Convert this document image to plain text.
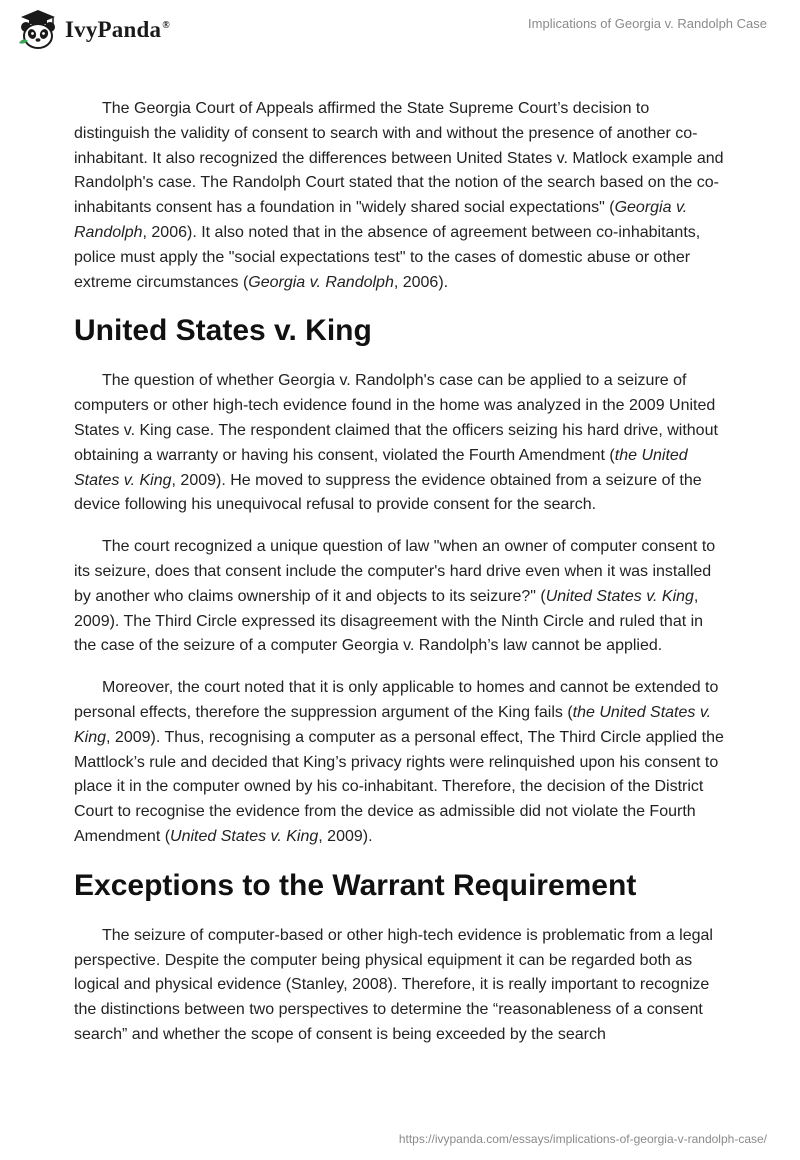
IvyPanda®	Implications of Georgia v. Randolph Case

The Georgia Court of Appeals affirmed the State Supreme Court’s decision to distinguish the validity of consent to search with and without the presence of another co-inhabitant. It also recognized the differences between United States v. Matlock example and Randolph's case. The Randolph Court stated that the notion of the search based on the co-inhabitants consent has a foundation in "widely shared social expectations" (Georgia v. Randolph, 2006). It also noted that in the absence of agreement between co-inhabitants, police must apply the "social expectations test" to the cases of domestic abuse or other extreme circumstances (Georgia v. Randolph, 2006).

United States v. King

The question of whether Georgia v. Randolph's case can be applied to a seizure of computers or other high-tech evidence found in the home was analyzed in the 2009 United States v. King case. The respondent claimed that the officers seizing his hard drive, without obtaining a warranty or having his consent, violated the Fourth Amendment (the United States v. King, 2009). He moved to suppress the evidence obtained from a seizure of the device following his unequivocal refusal to provide consent for the search.

The court recognized a unique question of law "when an owner of computer consent to its seizure, does that consent include the computer's hard drive even when it was installed by another who claims ownership of it and objects to its seizure?" (United States v. King, 2009). The Third Circle expressed its disagreement with the Ninth Circle and ruled that in the case of the seizure of a computer Georgia v. Randolph’s law cannot be applied.

Moreover, the court noted that it is only applicable to homes and cannot be extended to personal effects, therefore the suppression argument of the King fails (the United States v. King, 2009). Thus, recognising a computer as a personal effect, The Third Circle applied the Mattlock’s rule and decided that King’s privacy rights were relinquished upon his consent to place it in the computer owned by his co-inhabitant. Therefore, the decision of the District Court to recognise the evidence from the device as admissible did not violate the Fourth Amendment (United States v. King, 2009).

Exceptions to the Warrant Requirement

The seizure of computer-based or other high-tech evidence is problematic from a legal perspective. Despite the computer being physical equipment it can be regarded both as logical and physical evidence (Stanley, 2008). Therefore, it is really important to recognize the distinctions between two perspectives to determine the “reasonableness of a consent search” and whether the scope of consent is being exceeded by the search

https://ivypanda.com/essays/implications-of-georgia-v-randolph-case/
